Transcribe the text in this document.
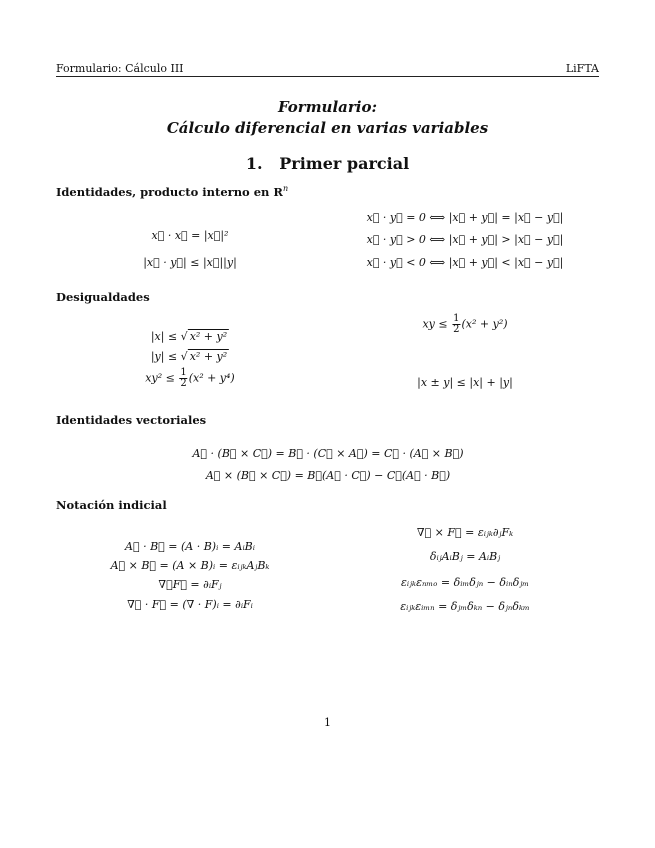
Formulario: Cálculo III	LiFTA
Formulario:
Cálculo diferencial en varias variables
1. Primer parcial
Identidades, producto interno en $R^n$
x⃗ · x⃗ = |x⃗|²
|x⃗ · y⃗| ≤ |x⃗||y|
x⃗ · y⃗ = 0 ⟺ |x⃗ + y⃗| = |x⃗ − y⃗|
x⃗ · y⃗ > 0 ⟺ |x⃗ + y⃗| > |x⃗ − y⃗|
x⃗ · y⃗ < 0 ⟺ |x⃗ + y⃗| < |x⃗ − y⃗|
Desigualdades
|x| ≤ √ x² + y²
|y| ≤ √ x² + y²
$xy^2 \le \frac{1}{2} (x^2 + y^4)$
xy ≤ $\frac{1}{2} (x^2 + y^2)$
|x ± y| ≤ |x| + |y|
Identidades vectoriales
A⃗ · (B⃗ × C⃗) = B⃗ · (C⃗ × A⃗) = C⃗ · (A⃗ × B⃗)
A⃗ × (B⃗ × C⃗) = B⃗(A⃗ · C⃗) − C⃗(A⃗ · B⃗)
Notación indicial
A⃗ · B⃗ = (A · B)ᵢ = AᵢBᵢ
A⃗ × B⃗ = (A × B)ᵢ = εᵢⱼₖAⱼBₖ
∇⃗F⃗ = ∂ᵢFⱼ
∇⃗ · F⃗ = (∇ · F)ᵢ = ∂ᵢFᵢ
∇⃗ × F⃗ = εᵢⱼₖ∂ⱼFₖ
δᵢⱼAᵢBⱼ = AᵢBⱼ
εᵢⱼₖεₙₘₒ = δᵢₘδⱼₙ − δᵢₙδⱼₘ
εᵢⱼₖεᵢₘₙ = δⱼₘδₖₙ − δⱼₙδₖₘ
1
